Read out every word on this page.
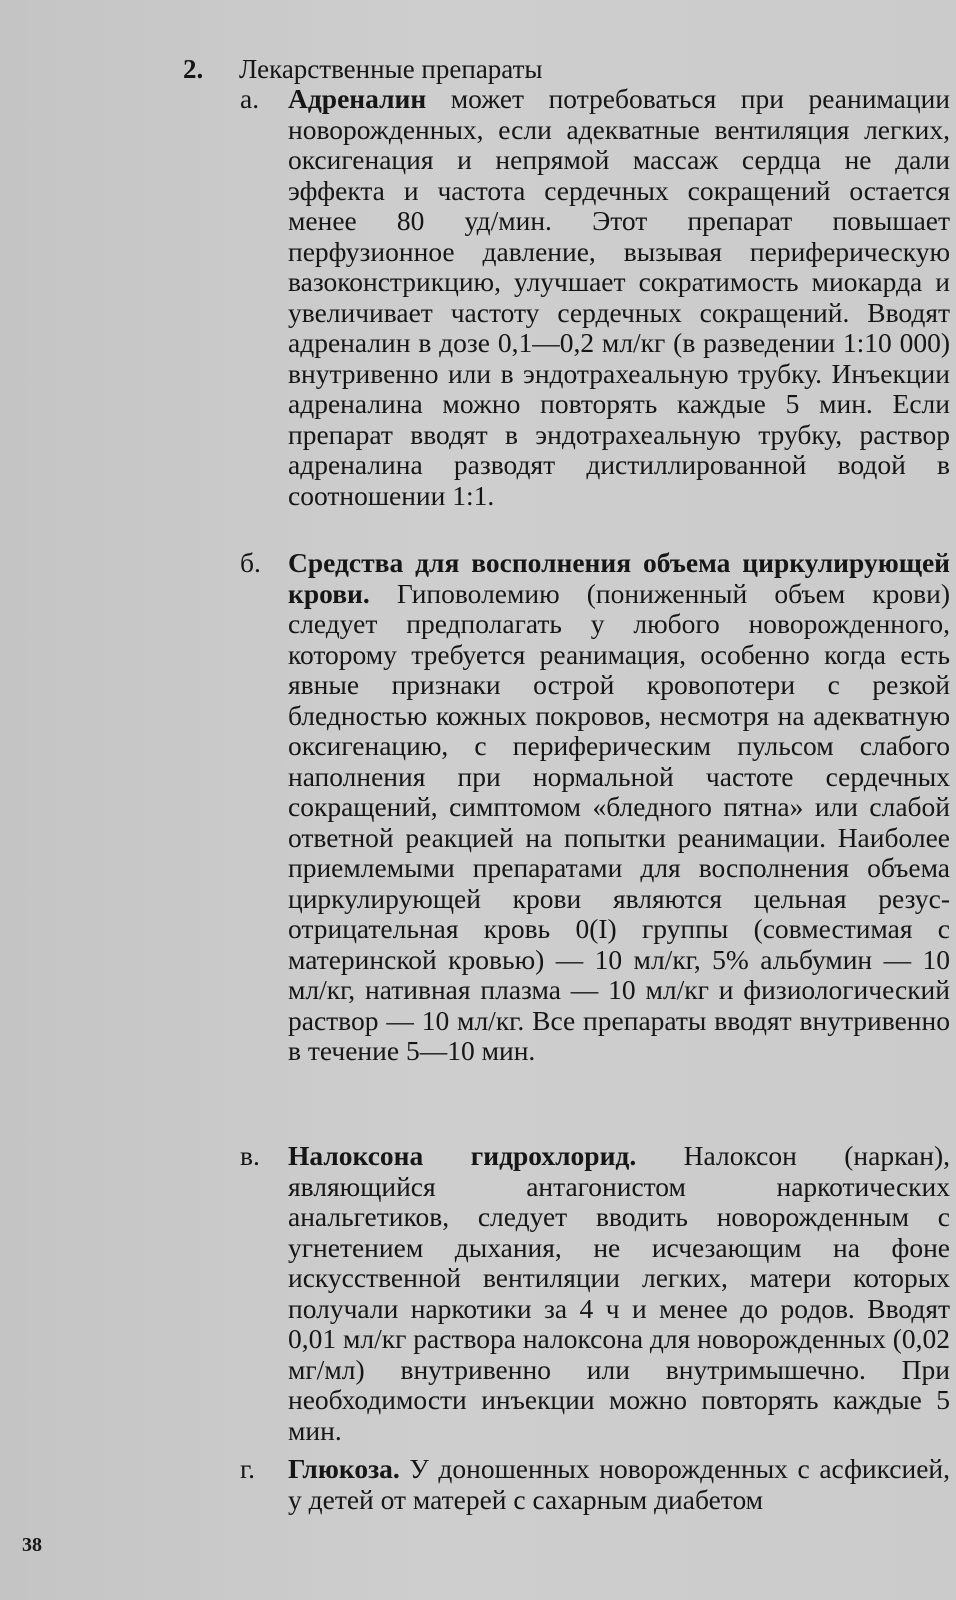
2. Лекарственные препараты
а.	Адреналин может потребоваться при реанимации новорожденных, если адекватные вентиляция легких, оксигенация и непрямой массаж сердца не дали эффекта и частота сердечных сокращений остается менее 80 уд/мин. Этот препарат повышает перфузионное давление, вызывая периферическую вазоконстрикцию, улучшает сократимость миокарда и увеличивает частоту сердечных сокращений. Вводят адреналин в дозе 0,1—0,2 мл/кг (в разведении 1:10 000) внутривенно или в эндотрахеальную трубку. Инъекции адреналина можно повторять каждые 5 мин. Если препарат вводят в эндотрахеальную трубку, раствор адреналина разводят дистиллированной водой в соотношении 1:1.
б. Средства для восполнения объема циркулирующей крови. Гиповолемию (пониженный объем крови) следует предполагать у любого новорожденного, которому требуется реанимация, особенно когда есть явные признаки острой кровопотери с резкой бледностью кожных покровов, несмотря на адекватную оксигенацию, с периферическим пульсом слабого наполнения при нормальной частоте сердечных сокращений, симптомом «бледного пятна» или слабой ответной реакцией на попытки реанимации. Наиболее приемлемыми препаратами для восполнения объема циркулирующей крови являются цельная резус-отрицательная кровь 0(I) группы (совместимая с материнской кровью) — 10 мл/кг, 5% альбумин — 10 мл/кг, нативная плазма — 10 мл/кг и физиологический раствор — 10 мл/кг. Все препараты вводят внутривенно в течение 5—10 мин.
в.	Налоксона гидрохлорид. Налоксон (наркан), являющийся антагонистом наркотических анальгетиков, следует вводить новорожденным с угнетением дыхания, не исчезающим на фоне искусственной вентиляции легких, матери которых получали наркотики за 4 ч и менее до родов. Вводят 0,01 мл/кг раствора налоксона для новорожденных (0,02 мг/мл) внутривенно или внутримышечно. При необходимости инъекции можно повторять каждые 5 мин.
г.	Глюкоза. У доношенных новорожденных с асфиксией, у детей от матерей с сахарным диабетом
38
